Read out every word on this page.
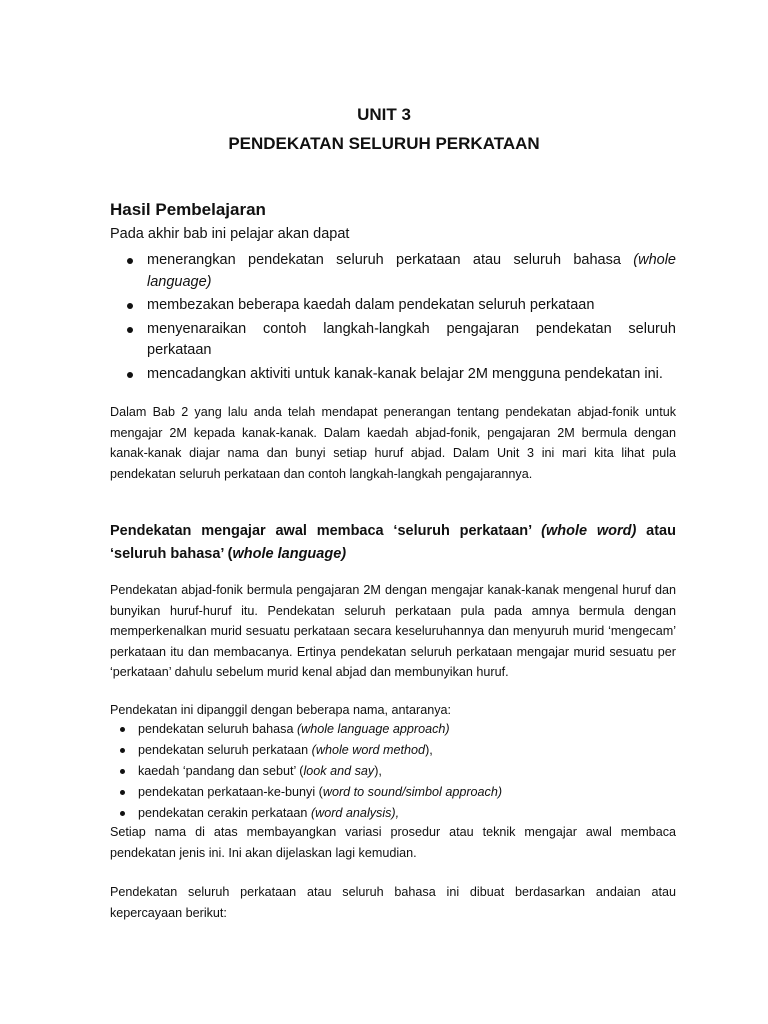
UNIT 3
PENDEKATAN SELURUH PERKATAAN
Hasil Pembelajaran

Pada akhir bab ini pelajar akan dapat

menerangkan pendekatan seluruh perkataan atau seluruh bahasa (whole language)
membezakan beberapa kaedah dalam pendekatan seluruh perkataan
menyenaraikan contoh langkah-langkah pengajaran pendekatan seluruh perkataan
mencadangkan aktiviti untuk kanak-kanak belajar 2M mengguna pendekatan ini.

Dalam Bab 2 yang lalu anda telah mendapat penerangan tentang pendekatan abjad-fonik untuk mengajar 2M kepada kanak-kanak. Dalam kaedah abjad-fonik, pengajaran 2M bermula dengan kanak-kanak diajar nama dan bunyi setiap huruf abjad. Dalam Unit 3 ini mari kita lihat pula pendekatan seluruh perkataan dan contoh langkah-langkah pengajarannya.

Pendekatan mengajar awal membaca ‘seluruh perkataan’ (whole word) atau
‘seluruh bahasa’ (whole language)

Pendekatan abjad-fonik bermula pengajaran 2M dengan mengajar kanak-kanak mengenal huruf dan bunyikan huruf-huruf itu. Pendekatan seluruh perkataan pula pada amnya bermula dengan memperkenalkan murid sesuatu perkataan secara keseluruhannya dan menyuruh murid ‘mengecam’ perkataan itu dan membacanya. Ertinya pendekatan seluruh perkataan mengajar murid sesuatu per ‘perkataan’ dahulu sebelum murid kenal abjad dan membunyikan huruf.

Pendekatan ini dipanggil dengan beberapa nama, antaranya:

pendekatan seluruh bahasa (whole language approach)
pendekatan seluruh perkataan (whole word method),
kaedah ‘pandang dan sebut’ (look and say),
pendekatan perkataan-ke-bunyi (word to sound/simbol approach)
pendekatan cerakin perkataan (word analysis),

Setiap nama di atas membayangkan variasi prosedur atau teknik mengajar awal membaca pendekatan jenis ini. Ini akan dijelaskan lagi kemudian.

Pendekatan seluruh perkataan atau seluruh bahasa ini dibuat berdasarkan andaian atau kepercayaan berikut:
